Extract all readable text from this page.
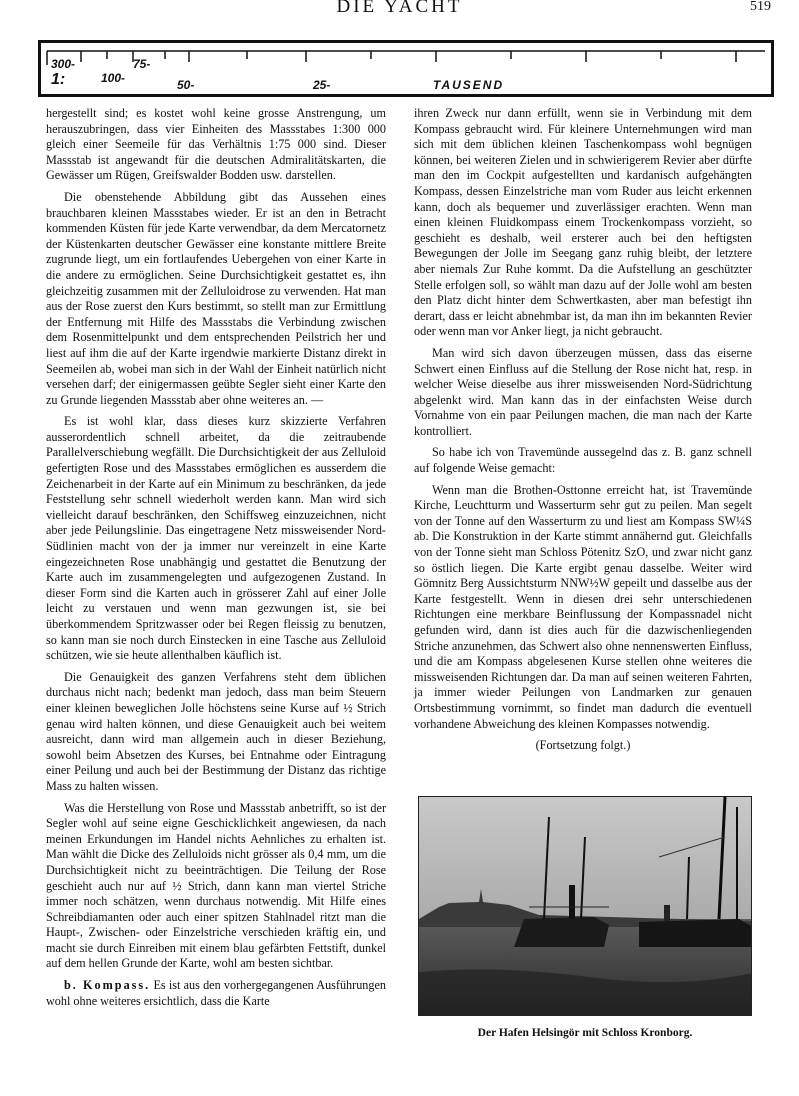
DIE YACHT	519
300-	75-
1:	100-	50-	25-	TAUSEND

hergestellt sind; es kostet wohl keine grosse Anstrengung, um herauszubringen, dass vier Einheiten des Massstabes 1:300 000 gleich einer Seemeile für das Verhältnis 1:75 000 sind. Dieser Massstab ist angewandt für die deutschen Admiralitätskarten, die Gewässer um Rügen, Greifswalder Bodden usw. darstellen.

Die obenstehende Abbildung gibt das Aussehen eines brauchbaren kleinen Massstabes wieder. Er ist an den in Betracht kommenden Küsten für jede Karte verwendbar, da dem Mercatornetz der Küstenkarten deutscher Gewässer eine konstante mittlere Breite zugrunde liegt, um ein fortlaufendes Uebergehen von einer Karte in die andere zu ermöglichen. Seine Durchsichtigkeit gestattet es, ihn gleichzeitig zusammen mit der Zelluloidrose zu verwenden. Hat man aus der Rose zuerst den Kurs bestimmt, so stellt man zur Ermittlung der Entfernung mit Hilfe des Massstabs die Verbindung zwischen dem Rosenmittelpunkt und dem entsprechenden Peilstrich her und liest auf ihm die auf der Karte irgendwie markierte Distanz direkt in Seemeilen ab, wobei man sich in der Wahl der Einheit natürlich nicht versehen darf; der einigermassen geübte Segler sieht einer Karte den zu Grunde liegenden Massstab aber ohne weiteres an. —

Es ist wohl klar, dass dieses kurz skizzierte Verfahren ausserordentlich schnell arbeitet, da die zeitraubende Parallelverschiebung wegfällt. Die Durchsichtigkeit der aus Zelluloid gefertigten Rose und des Massstabes ermöglichen es ausserdem die Zeichenarbeit in der Karte auf ein Minimum zu beschränken, da jede Feststellung sehr schnell wiederholt werden kann. Man wird sich vielleicht darauf beschränken, den Schiffsweg einzuzeichnen, nicht aber jede Peilungslinie. Das eingetragene Netz missweisender Nord-Südlinien macht von der ja immer nur vereinzelt in eine Karte eingezeichneten Rose unabhängig und gestattet die Benutzung der Karte auch im zusammengelegten und aufgezogenen Zustand. In dieser Form sind die Karten auch in grösserer Zahl auf einer Jolle leicht zu verstauen und wenn man gezwungen ist, sie bei überkommendem Spritzwasser oder bei Regen fleissig zu benutzen, so kann man sie noch durch Einstecken in eine Tasche aus Zelluloid schützen, wie sie heute allenthalben käuflich ist.

Die Genauigkeit des ganzen Verfahrens steht dem üblichen durchaus nicht nach; bedenkt man jedoch, dass man beim Steuern einer kleinen beweglichen Jolle höchstens seine Kurse auf ½ Strich genau wird halten können, und diese Genauigkeit auch bei weitem ausreicht, dann wird man allgemein auch in dieser Beziehung, sowohl beim Absetzen des Kurses, bei Entnahme oder Eintragung einer Peilung und auch bei der Bestimmung der Distanz das richtige Mass zu halten wissen.

Was die Herstellung von Rose und Massstab anbetrifft, so ist der Segler wohl auf seine eigne Geschicklichkeit angewiesen, da nach meinen Erkundungen im Handel nichts Aehnliches zu erhalten ist. Man wählt die Dicke des Zelluloids nicht grösser als 0,4 mm, um die Durchsichtigkeit nicht zu beeinträchtigen. Die Teilung der Rose geschieht auch nur auf ½ Strich, dann kann man viertel Striche immer noch schätzen, wenn durchaus notwendig. Mit Hilfe eines Schreibdiamanten oder auch einer spitzen Stahlnadel ritzt man die Haupt-, Zwischen- oder Einzelstriche verschieden kräftig ein, und macht sie durch Einreiben mit einem blau gefärbten Fettstift, dunkel auf dem hellen Grunde der Karte, wohl am besten sichtbar.

b. Kompass. Es ist aus den vorhergegangenen Ausführungen wohl ohne weiteres ersichtlich, dass die Karte

ihren Zweck nur dann erfüllt, wenn sie in Verbindung mit dem Kompass gebraucht wird. Für kleinere Unternehmungen wird man sich mit dem üblichen kleinen Taschenkompass wohl begnügen können, bei weiteren Zielen und in schwierigerem Revier aber dürfte man den im Cockpit aufgestellten und kardanisch aufgehängten Kompass, dessen Einzelstriche man vom Ruder aus leicht erkennen kann, doch als bequemer und zuverlässiger erachten. Wenn man einen kleinen Fluidkompass einem Trockenkompass vorzieht, so geschieht es deshalb, weil ersterer auch bei den heftigsten Bewegungen der Jolle im Seegang ganz ruhig bleibt, der letztere aber niemals Zur Ruhe kommt. Da die Aufstellung an geschützter Stelle erfolgen soll, so wählt man dazu auf der Jolle wohl am besten den Platz dicht hinter dem Schwertkasten, aber man befestigt ihn derart, dass er leicht abnehmbar ist, da man ihn im bekannten Revier oder wenn man vor Anker liegt, ja nicht gebraucht.

Man wird sich davon überzeugen müssen, dass das eiserne Schwert einen Einfluss auf die Stellung der Rose nicht hat, resp. in welcher Weise dieselbe aus ihrer missweisenden Nord-Südrichtung abgelenkt wird. Man kann das in der einfachsten Weise durch Vornahme von ein paar Peilungen machen, die man nach der Karte kontrolliert.

So habe ich von Travemünde aussegelnd das z. B. ganz schnell auf folgende Weise gemacht:

Wenn man die Brothen-Osttonne erreicht hat, ist Travemünde Kirche, Leuchtturm und Wasserturm sehr gut zu peilen. Man segelt von der Tonne auf den Wasserturm zu und liest am Kompass SW¼S ab. Die Konstruktion in der Karte stimmt annähernd gut. Gleichfalls von der Tonne sieht man Schloss Pötenitz SzO, und zwar nicht ganz so östlich liegen. Die Karte ergibt genau dasselbe. Weiter wird Gömnitz Berg Aussichtsturm NNW½W gepeilt und dasselbe aus der Karte festgestellt. Wenn in diesen drei sehr unterschiedenen Richtungen eine merkbare Beinflussung der Kompassnadel nicht gefunden wird, dann ist dies auch für die dazwischenliegenden Striche anzunehmen, das Schwert also ohne nennenswerten Einfluss, und die am Kompass abgelesenen Kurse stellen ohne weiteres die missweisenden Richtungen dar. Da man auf seinen weiteren Fahrten, ja immer wieder Peilungen von Landmarken zur genauen Ortsbestimmung vornimmt, so findet man dadurch die eventuell vorhandene Abweichung des kleinen Kompasses notwendig.

(Fortsetzung folgt.)

Der Hafen Helsingör mit Schloss Kronborg.
